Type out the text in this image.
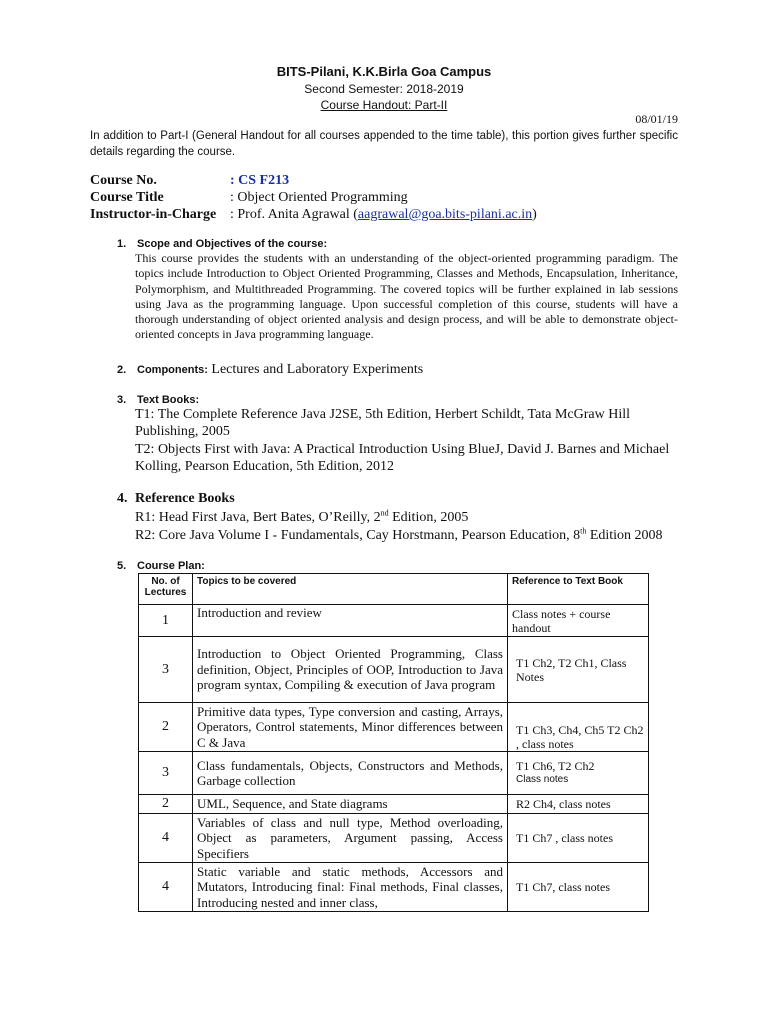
BITS-Pilani, K.K.Birla Goa Campus
Second Semester: 2018-2019
Course Handout: Part-II
08/01/19
In addition to Part-I (General Handout for all courses appended to the time table), this portion gives further specific details regarding the course.
Course No.	: CS F213
Course Title	: Object Oriented Programming
Instructor-in-Charge : Prof. Anita Agrawal (aagrawal@goa.bits-pilani.ac.in)
1. Scope and Objectives of the course:
This course provides the students with an understanding of the object-oriented programming paradigm. The topics include Introduction to Object Oriented Programming, Classes and Methods, Encapsulation, Inheritance, Polymorphism, and Multithreaded Programming. The covered topics will be further explained in lab sessions using Java as the programming language. Upon successful completion of this course, students will have a thorough understanding of object oriented analysis and design process, and will be able to demonstrate object-oriented concepts in Java programming language.
2. Components: Lectures and Laboratory Experiments
3. Text Books:
T1: The Complete Reference Java J2SE, 5th Edition, Herbert Schildt, Tata McGraw Hill Publishing, 2005
T2: Objects First with Java: A Practical Introduction Using BlueJ, David J. Barnes and Michael Kolling, Pearson Education, 5th Edition, 2012
4. Reference Books
R1: Head First Java, Bert Bates, O’Reilly, 2nd Edition, 2005
R2: Core Java Volume I - Fundamentals, Cay Horstmann, Pearson Education, 8th Edition 2008
5. Course Plan:
No. of Lectures	Topics to be covered	Reference to Text Book
1	Introduction and review	Class notes + course handout
3	Introduction to Object Oriented Programming, Class definition, Object, Principles of OOP, Introduction to Java program syntax, Compiling & execution of Java program	T1 Ch2, T2 Ch1, Class Notes
2	Primitive data types, Type conversion and casting, Arrays, Operators, Control statements, Minor differences between C & Java	T1 Ch3, Ch4, Ch5 T2 Ch2 , class notes
3	Class fundamentals, Objects, Constructors and Methods, Garbage collection	T1 Ch6, T2 Ch2
Class notes

2	UML, Sequence, and State diagrams	R2 Ch4, class notes
4	Variables of class and null type, Method overloading, Object as parameters, Argument passing, Access Specifiers	T1 Ch7 , class notes
4	Static variable and static methods, Accessors and Mutators, Introducing final: Final methods, Final classes, Introducing nested and inner class,	T1 Ch7, class notes
